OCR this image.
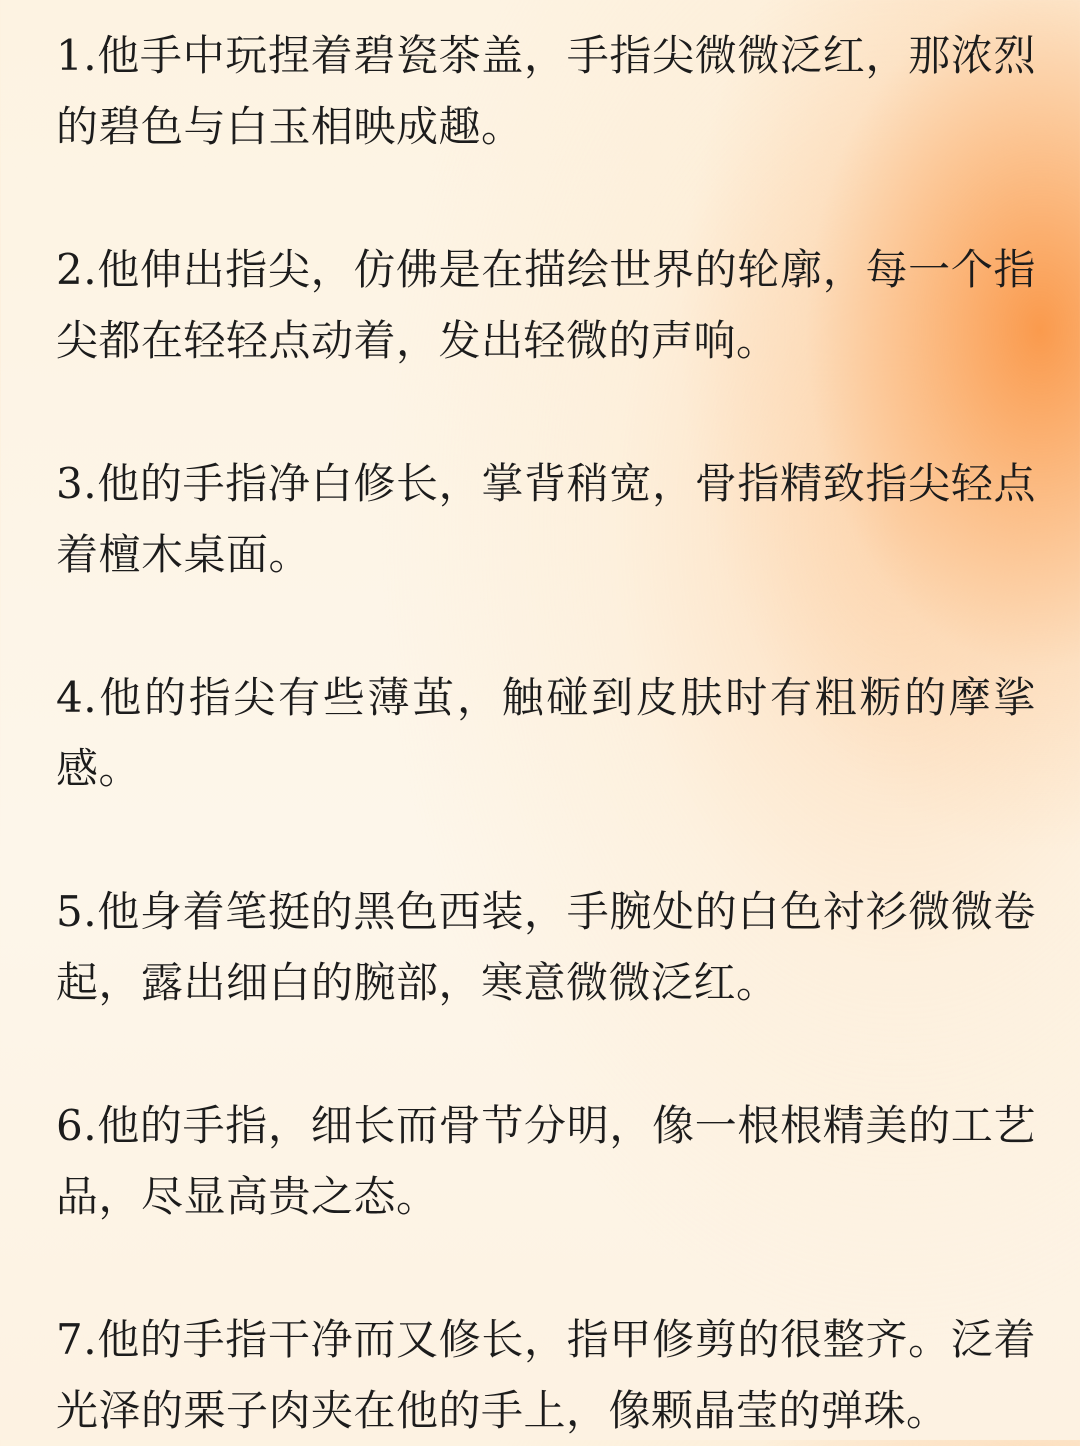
1.他手中玩捏着碧瓷茶盖，手指尖微微泛红，那浓烈的碧色与白玉相映成趣。

2.他伸出指尖，仿佛是在描绘世界的轮廓，每一个指尖都在轻轻点动着，发出轻微的声响。

3.他的手指净白修长，掌背稍宽，骨指精致指尖轻点着檀木桌面。

4.他的指尖有些薄茧，触碰到皮肤时有粗粝的摩挲感。

5.他身着笔挺的黑色西装，手腕处的白色衬衫微微卷起，露出细白的腕部，寒意微微泛红。

6.他的手指，细长而骨节分明，像一根根精美的工艺品，尽显高贵之态。

7.他的手指干净而又修长，指甲修剪的很整齐。泛着光泽的栗子肉夹在他的手上，像颗晶莹的弹珠。
